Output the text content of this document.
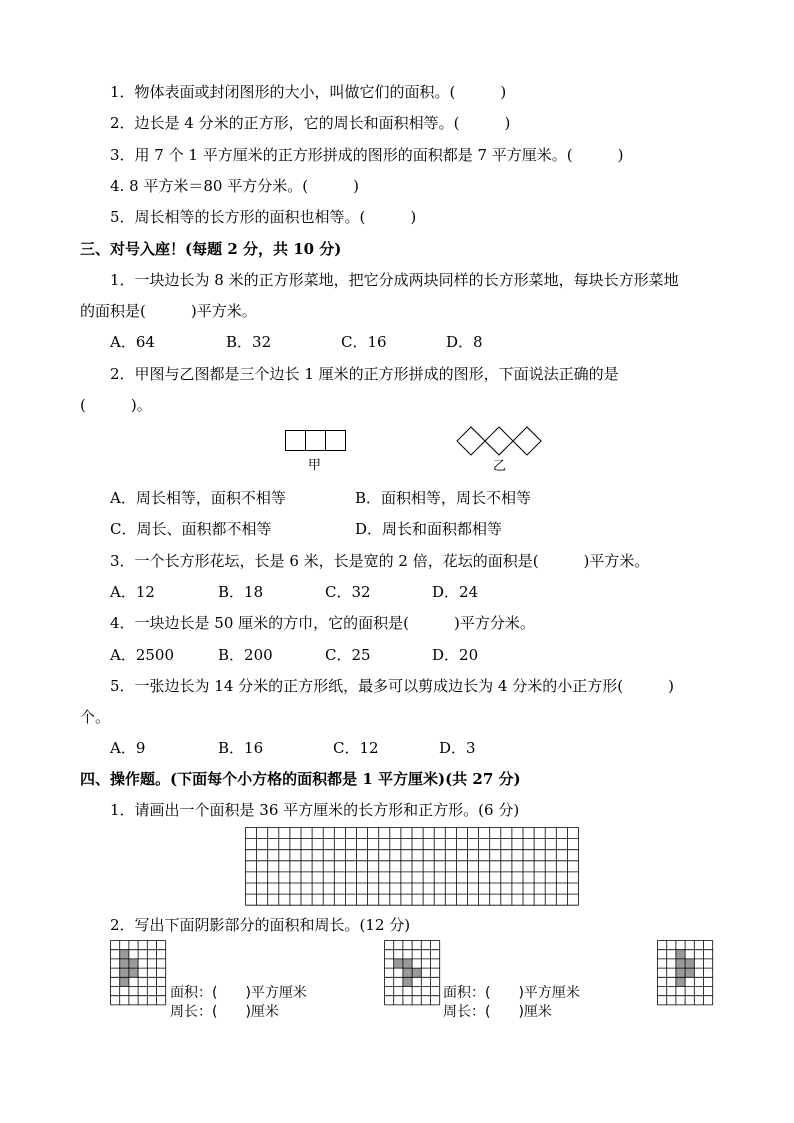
1．物体表面或封闭图形的大小，叫做它们的面积。(　　　)
2．边长是 4 分米的正方形，它的周长和面积相等。(　　　)
3．用 7 个 1 平方厘米的正方形拼成的图形的面积都是 7 平方厘米。(　　　)
4. 8 平方米＝80 平方分米。(　　　)
5．周长相等的长方形的面积也相等。(　　　)
三、对号入座！(每题 2 分，共 10 分)
1．一块边长为 8 米的正方形菜地，把它分成两块同样的长方形菜地，每块长方形菜地
的面积是(　　　)平方米。
A．64	B．32	C．16	D．8
2．甲图与乙图都是三个边长 1 厘米的正方形拼成的图形，下面说法正确的是
(　　　)。
甲	乙
A．周长相等，面积不相等	B．面积相等，周长不相等
C．周长、面积都不相等	D．周长和面积都相等
3．一个长方形花坛，长是 6 米，长是宽的 2 倍，花坛的面积是(　　　)平方米。
A．12	B．18	C．32	D．24
4．一块边长是 50 厘米的方巾，它的面积是(　　　)平方分米。
A．2500	B．200	C．25	D．20
5．一张边长为 14 分米的正方形纸，最多可以剪成边长为 4 分米的小正方形(　　　)
个。
A．9	B．16	C．12	D．3
四、操作题。(下面每个小方格的面积都是 1 平方厘米)(共 27 分)
1．请画出一个面积是 36 平方厘米的长方形和正方形。(6 分)
2．写出下面阴影部分的面积和周长。(12 分)
面积：(　　)平方厘米
周长：(　　)厘米
面积：(　　)平方厘米
周长：(　　)厘米
